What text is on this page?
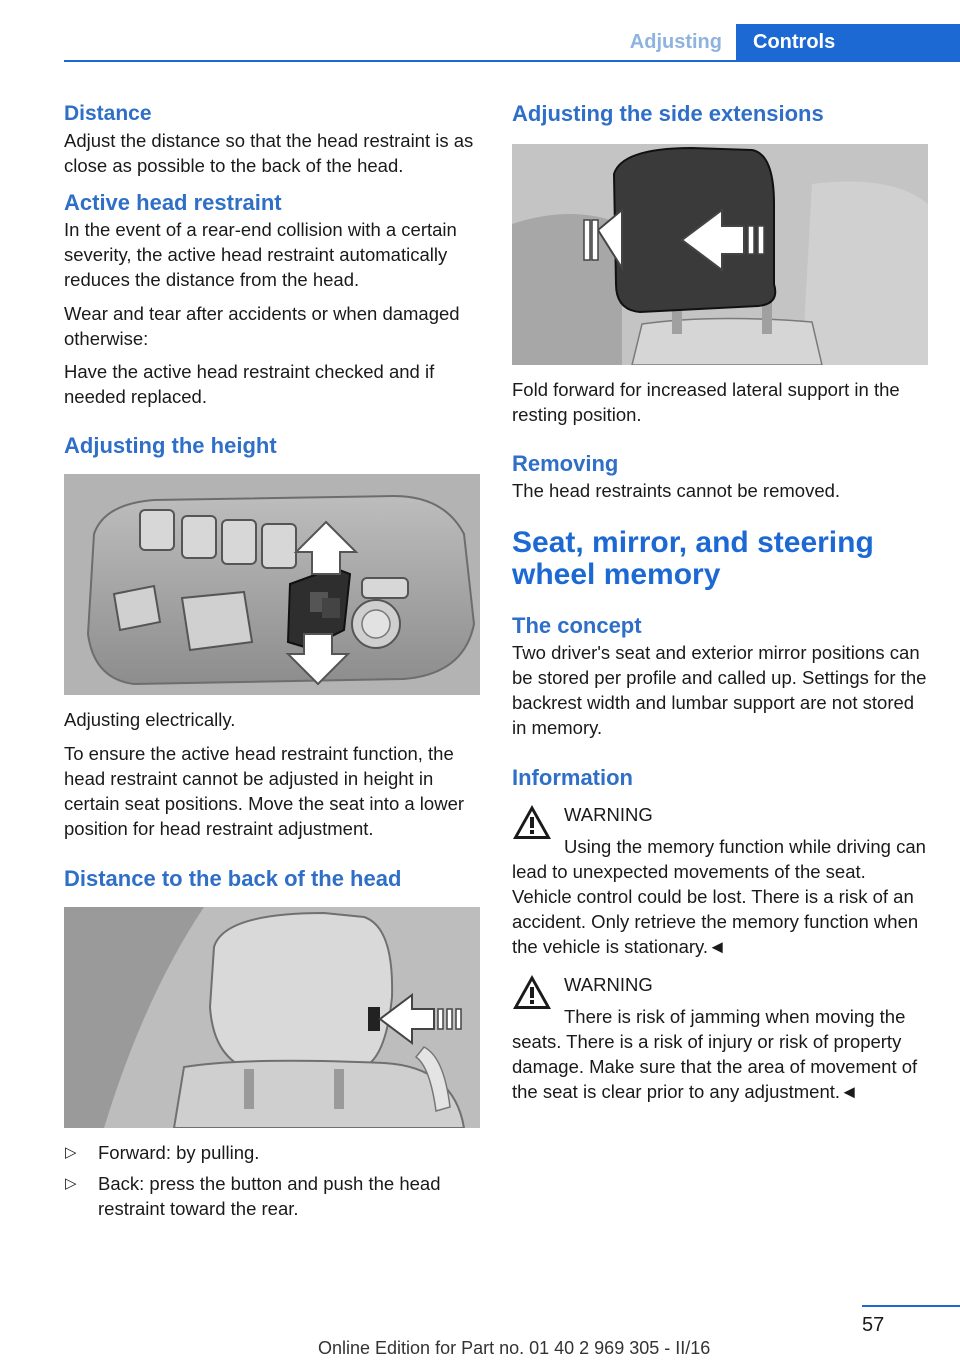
Adjusting	Controls
Distance

Adjust the distance so that the head restraint is as close as possible to the back of the head.

Active head restraint

In the event of a rear-end collision with a certain severity, the active head restraint automatically reduces the distance from the head.

Wear and tear after accidents or when damaged otherwise:

Have the active head restraint checked and if needed replaced.

Adjusting the height

Adjusting electrically.

To ensure the active head restraint function, the head restraint cannot be adjusted in height in certain seat positions. Move the seat into a lower position for head restraint adjustment.

Distance to the back of the head
▷ Forward: by pulling.
▷ Back: press the button and push the head restraint toward the rear.
Adjusting the side extensions

Fold forward for increased lateral support in the resting position.

Removing

The head restraints cannot be removed.

Seat, mirror, and steering wheel memory
The concept

Two driver's seat and exterior mirror positions can be stored per profile and called up. Settings for the backrest width and lumbar support are not stored in memory.

Information
WARNING

Using the memory function while driving can lead to unexpected movements of the seat. Vehicle control could be lost. There is a risk of an accident. Only retrieve the memory function when the vehicle is stationary.◄

WARNING

There is risk of jamming when moving the seats. There is a risk of injury or risk of property damage. Make sure that the area of movement of the seat is clear prior to any adjustment.◄

57
Online Edition for Part no. 01 40 2 969 305 - II/16
